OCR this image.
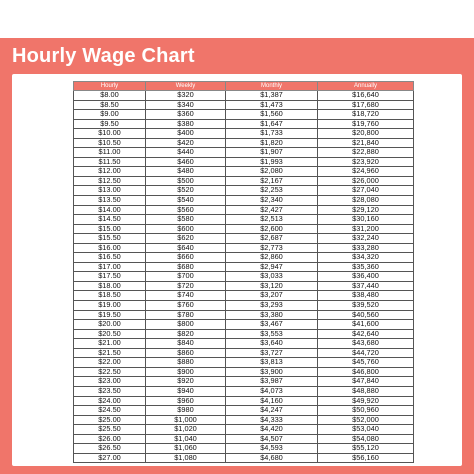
Hourly Wage Chart
Hourly	Weekly	Monthly	Annually
$8.00	$320	$1,387	$16,640
$8.50	$340	$1,473	$17,680
$9.00	$360	$1,560	$18,720
$9.50	$380	$1,647	$19,760
$10.00	$400	$1,733	$20,800
$10.50	$420	$1,820	$21,840
$11.00	$440	$1,907	$22,880
$11.50	$460	$1,993	$23,920
$12.00	$480	$2,080	$24,960
$12.50	$500	$2,167	$26,000
$13.00	$520	$2,253	$27,040
$13.50	$540	$2,340	$28,080
$14.00	$560	$2,427	$29,120
$14.50	$580	$2,513	$30,160
$15.00	$600	$2,600	$31,200
$15.50	$620	$2,687	$32,240
$16.00	$640	$2,773	$33,280
$16.50	$660	$2,860	$34,320
$17.00	$680	$2,947	$35,360
$17.50	$700	$3,033	$36,400
$18.00	$720	$3,120	$37,440
$18.50	$740	$3,207	$38,480
$19.00	$760	$3,293	$39,520
$19.50	$780	$3,380	$40,560
$20.00	$800	$3,467	$41,600
$20.50	$820	$3,553	$42,640
$21.00	$840	$3,640	$43,680
$21.50	$860	$3,727	$44,720
$22.00	$880	$3,813	$45,760
$22.50	$900	$3,900	$46,800
$23.00	$920	$3,987	$47,840
$23.50	$940	$4,073	$48,880
$24.00	$960	$4,160	$49,920
$24.50	$980	$4,247	$50,960
$25.00	$1,000	$4,333	$52,000
$25.50	$1,020	$4,420	$53,040
$26.00	$1,040	$4,507	$54,080
$26.50	$1,060	$4,593	$55,120
$27.00	$1,080	$4,680	$56,160
